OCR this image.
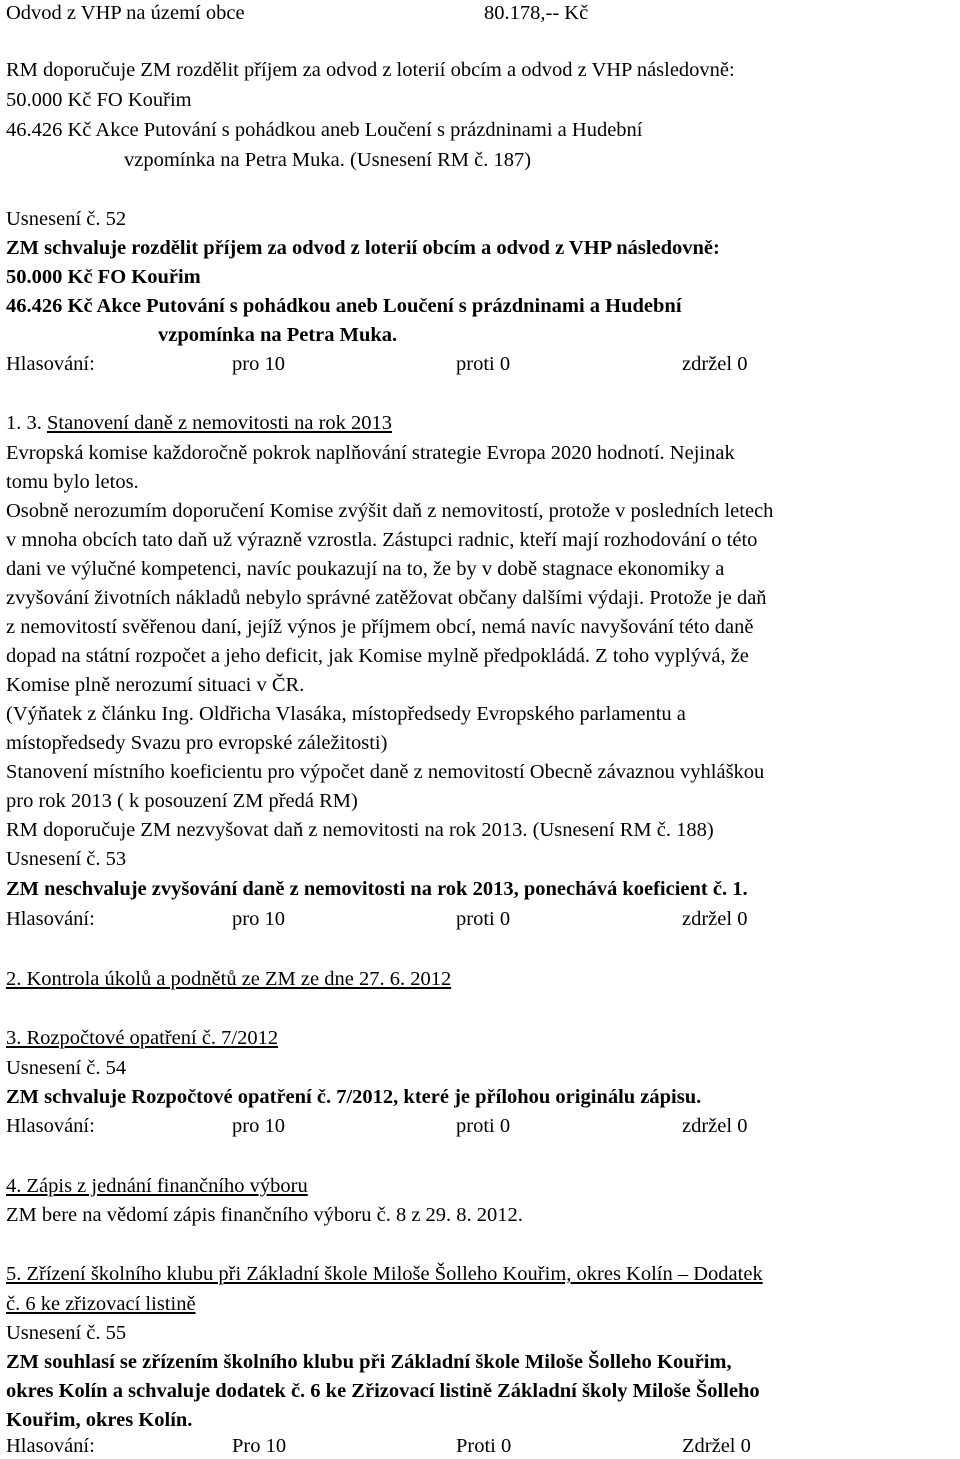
Odvod z VHP na území obce	80.178,-- Kč
RM doporučuje ZM rozdělit příjem za odvod z loterií obcím a odvod z VHP následovně:
50.000 Kč FO Kouřim
46.426 Kč Akce Putování s pohádkou aneb Loučení s prázdninami a Hudební
vzpomínka na Petra Muka. (Usnesení RM č. 187)
Usnesení č. 52
ZM schvaluje rozdělit příjem za odvod z loterií obcím a odvod z VHP následovně:
50.000 Kč FO Kouřim
46.426 Kč Akce Putování s pohádkou aneb Loučení s prázdninami a Hudební
vzpomínka na Petra Muka.
Hlasování:	pro 10	proti 0	zdržel 0
1. 3. Stanovení daně z nemovitosti na rok 2013
Evropská komise každoročně pokrok naplňování strategie Evropa 2020 hodnotí. Nejinak
tomu bylo letos.
Osobně nerozumím doporučení Komise zvýšit daň z nemovitostí, protože v posledních letech
v mnoha obcích tato daň už výrazně vzrostla. Zástupci radnic, kteří mají rozhodování o této
dani ve výlučné kompetenci, navíc poukazují na to, že by v době stagnace ekonomiky a
zvyšování životních nákladů nebylo správné zatěžovat občany dalšími výdaji. Protože je daň
z nemovitostí svěřenou daní, jejíž výnos je příjmem obcí, nemá navíc navyšování této daně
dopad na státní rozpočet a jeho deficit, jak Komise mylně předpokládá. Z toho vyplývá, že
Komise plně nerozumí situaci v ČR.
(Výňatek z článku Ing. Oldřicha Vlasáka, místopředsedy Evropského parlamentu a
místopředsedy Svazu pro evropské záležitosti)
Stanovení místního koeficientu pro výpočet daně z nemovitostí Obecně závaznou vyhláškou
pro rok 2013 ( k posouzení ZM předá RM)
RM doporučuje ZM nezvyšovat daň z nemovitosti na rok 2013. (Usnesení RM č. 188)
Usnesení č. 53
ZM neschvaluje zvyšování daně z nemovitosti na rok 2013, ponechává koeficient č. 1.
Hlasování:	pro 10	proti 0	zdržel 0
2. Kontrola úkolů a podnětů ze ZM ze dne 27. 6. 2012
3. Rozpočtové opatření č. 7/2012
Usnesení č. 54
ZM schvaluje Rozpočtové opatření č. 7/2012, které je přílohou originálu zápisu.
Hlasování:	pro 10	proti 0	zdržel 0
4. Zápis z jednání finančního výboru
ZM bere na vědomí zápis finančního výboru č. 8 z 29. 8. 2012.
5. Zřízení školního klubu při Základní škole Miloše Šolleho Kouřim, okres Kolín – Dodatek
č. 6 ke zřizovací listině
Usnesení č. 55
ZM souhlasí se zřízením školního klubu při Základní škole Miloše Šolleho Kouřim,
okres Kolín a schvaluje dodatek č. 6 ke Zřizovací listině Základní školy Miloše Šolleho
Kouřim, okres Kolín.
Hlasování:	Pro 10	Proti 0	Zdržel 0
